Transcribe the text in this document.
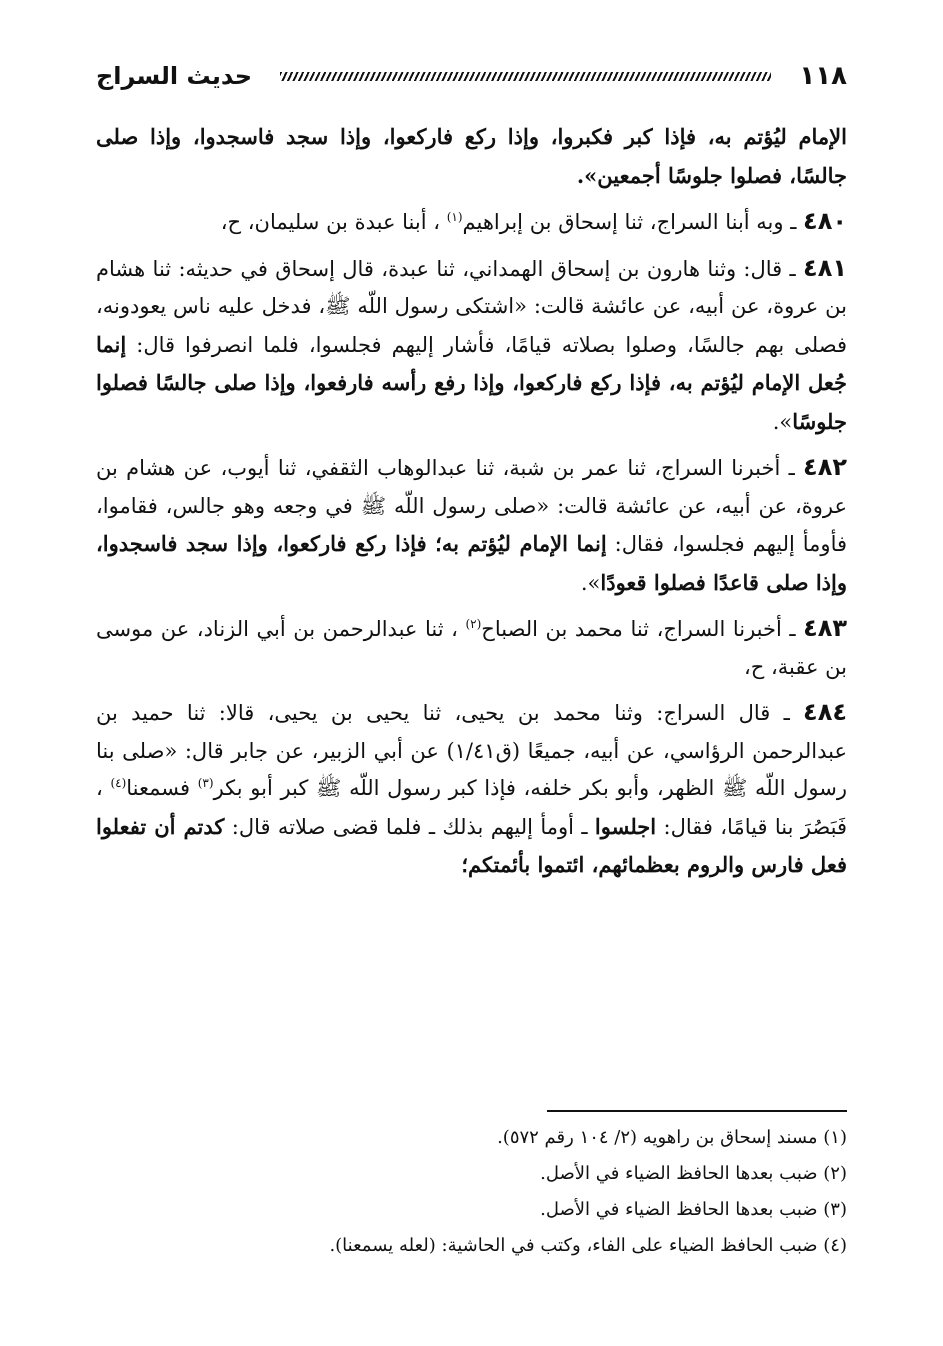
١١٨
حديث السراج

الإمام ليُؤتم به، فإذا كبر فكبروا، وإذا ركع فاركعوا، وإذا سجد فاسجدوا، وإذا صلى جالسًا، فصلوا جلوسًا أجمعين».

٤٨٠ ـ وبه أبنا السراج، ثنا إسحاق بن إبراهيم$^{(١)}$ ، أبنا عبدة بن سليمان، ح،

٤٨١ ـ قال: وثنا هارون بن إسحاق الهمداني، ثنا عبدة، قال إسحاق في حديثه: ثنا هشام بن عروة، عن أبيه، عن عائشة قالت: «اشتكى رسول اللّه ﷺ، فدخل عليه ناس يعودونه، فصلى بهم جالسًا، وصلوا بصلاته قيامًا، فأشار إليهم فجلسوا، فلما انصرفوا قال: إنما جُعل الإمام ليُؤتم به، فإذا ركع فاركعوا، وإذا رفع رأسه فارفعوا، وإذا صلى جالسًا فصلوا جلوسًا».

٤٨٢ ـ أخبرنا السراج، ثنا عمر بن شبة، ثنا عبدالوهاب الثقفي، ثنا أيوب، عن هشام بن عروة، عن أبيه، عن عائشة قالت: «صلى رسول اللّه ﷺ في وجعه وهو جالس، فقاموا، فأومأ إليهم فجلسوا، فقال: إنما الإمام ليُؤتم به؛ فإذا ركع فاركعوا، وإذا سجد فاسجدوا، وإذا صلى قاعدًا فصلوا قعودًا».

٤٨٣ ـ أخبرنا السراج، ثنا محمد بن الصباح$^{(٢)}$ ، ثنا عبدالرحمن بن أبي الزناد، عن موسى بن عقبة، ح،

٤٨٤ ـ قال السراج: وثنا محمد بن يحيى، ثنا يحيى بن يحيى، قالا: ثنا حميد بن عبدالرحمن الرؤاسي، عن أبيه، جميعًا (ق١/٤١) عن أبي الزبير، عن جابر قال: «صلى بنا رسول اللّه ﷺ الظهر، وأبو بكر خلفه، فإذا كبر رسول اللّه ﷺ كبر أبو بكر$^{(٣)}$ فسمعنا$^{(٤)}$ ، فَبَصُرَ بنا قيامًا، فقال: اجلسوا ـ أومأ إليهم بذلك ـ فلما قضى صلاته قال: كدتم أن تفعلوا فعل فارس والروم بعظمائهم، ائتموا بأئمتكم؛

(١) مسند إسحاق بن راهويه (٢/ ١٠٤ رقم ٥٧٢).

(٢) ضبب بعدها الحافظ الضياء في الأصل.

(٣) ضبب بعدها الحافظ الضياء في الأصل.

(٤) ضبب الحافظ الضياء على الفاء، وكتب في الحاشية: (لعله يسمعنا).
